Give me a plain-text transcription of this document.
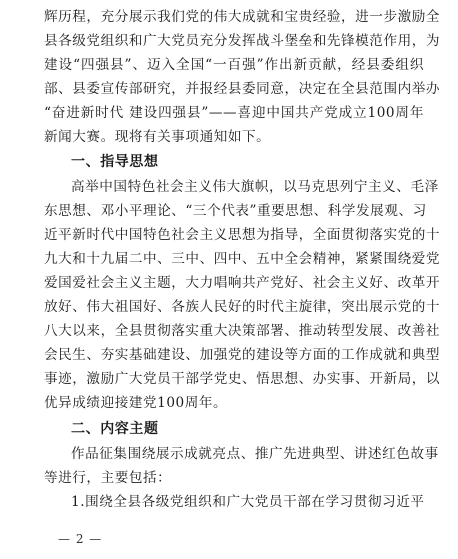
辉历程，充分展示我们党的伟大成就和宝贵经验，进一步激励全
县各级党组织和广大党员充分发挥战斗堡垒和先锋模范作用，为
建设“四强县”、迈入全国“一百强”作出新贡献，经县委组织
部、县委宣传部研究，并报经县委同意，决定在全县范围内举办
“奋进新时代 建设四强县”——喜迎中国共产党成立100周年
新闻大赛。现将有关事项通知如下。
一、指导思想
高举中国特色社会主义伟大旗帜，以马克思列宁主义、毛泽
东思想、邓小平理论、“三个代表”重要思想、科学发展观、习
近平新时代中国特色社会主义思想为指导，全面贯彻落实党的十
九大和十九届二中、三中、四中、五中全会精神，紧紧围绕爱党
爱国爱社会主义主题，大力唱响共产党好、社会主义好、改革开
放好、伟大祖国好、各族人民好的时代主旋律，突出展示党的十
八大以来，全县贯彻落实重大决策部署、推动转型发展、改善社
会民生、夯实基础建设、加强党的建设等方面的工作成就和典型
事迹，激励广大党员干部学党史、悟思想、办实事、开新局，以
优异成绩迎接建党100周年。
二、内容主题
作品征集围绕展示成就亮点、推广先进典型、讲述红色故事
等进行，主要包括：
1.围绕全县各级党组织和广大党员干部在学习贯彻习近平
— 2 —
